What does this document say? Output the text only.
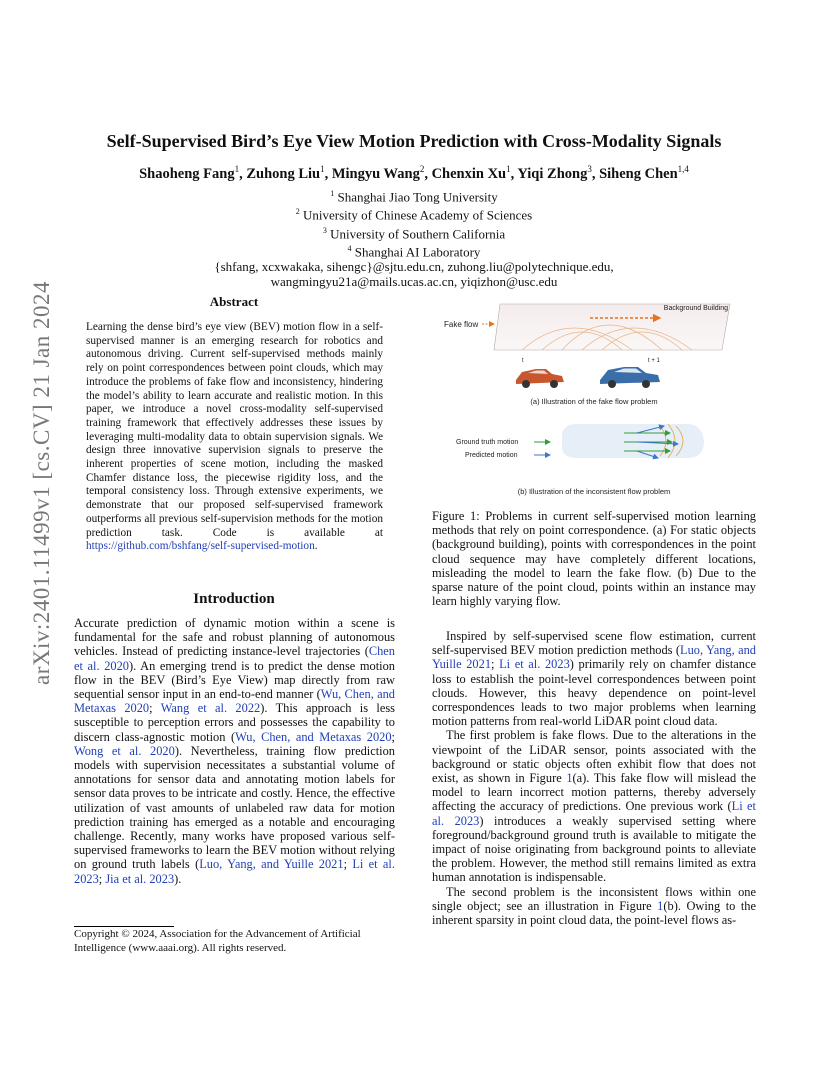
Self-Supervised Bird’s Eye View Motion Prediction with Cross-Modality Signals
Shaoheng Fang$^1$, Zuhong Liu$^1$, Mingyu Wang$^2$, Chenxin Xu$^1$, Yiqi Zhong$^3$, Siheng Chen$^{1,4}$
$^1$ Shanghai Jiao Tong University
$^2$ University of Chinese Academy of Sciences
$^3$ University of Southern California
$^4$ Shanghai AI Laboratory
{shfang, xcxwakaka, sihengc}@sjtu.edu.cn, zuhong.liu@polytechnique.edu,
wangmingyu21a@mails.ucas.ac.cn, yiqizhon@usc.edu
arXiv:2401.11499v1 [cs.CV] 21 Jan 2024	Abstract
Learning the dense bird’s eye view (BEV) motion flow in a self-supervised manner is an emerging research for robotics and autonomous driving. Current self-supervised methods mainly rely on point correspondences between point clouds, which may introduce the problems of fake flow and inconsistency, hindering the model’s ability to learn accurate and realistic motion. In this paper, we introduce a novel cross-modality self-supervised training framework that effectively addresses these issues by leveraging multi-modality data to obtain supervision signals. We design three innovative supervision signals to preserve the inherent properties of scene motion, including the masked Chamfer distance loss, the piecewise rigidity loss, and the temporal consistency loss. Through extensive experiments, we demonstrate that our proposed self-supervised framework outperforms all previous self-supervision methods for the motion prediction task. Code is available at https://github.com/bshfang/self-supervised-motion.
Introduction
Accurate prediction of dynamic motion within a scene is fundamental for the safe and robust planning of autonomous vehicles. Instead of predicting instance-level trajectories (Chen et al. 2020). An emerging trend is to predict the dense motion flow in the BEV (Bird’s Eye View) map directly from raw sequential sensor input in an end-to-end manner (Wu, Chen, and Metaxas 2020; Wang et al. 2022). This approach is less susceptible to perception errors and possesses the capability to discern class-agnostic motion (Wu, Chen, and Metaxas 2020; Wong et al. 2020). Nevertheless, training flow prediction models with supervision necessitates a substantial volume of annotations for sensor data and annotating motion labels for sensor data proves to be intricate and costly. Hence, the effective utilization of vast amounts of unlabeled raw data for motion prediction training has emerged as a notable and encouraging challenge. Recently, many works have proposed various self-supervised frameworks to learn the BEV motion without relying on ground truth labels (Luo, Yang, and Yuille 2021; Li et al. 2023; Jia et al. 2023).
Copyright © 2024, Association for the Advancement of Artificial Intelligence (www.aaai.org). All rights reserved.
Fake flow
Background Building
t	t + 1
(a) Illustration of the fake flow problem
Ground truth motion
Predicted motion
(b) Illustration of the inconsistent flow problem
Figure 1: Problems in current self-supervised motion learning methods that rely on point correspondence. (a) For static objects (background building), points with correspondences in the point cloud sequence may have completely different locations, misleading the model to learn the fake flow. (b) Due to the sparse nature of the point cloud, points within an instance may learn highly varying flow.

Inspired by self-supervised scene flow estimation, current self-supervised BEV motion prediction methods (Luo, Yang, and Yuille 2021; Li et al. 2023) primarily rely on chamfer distance loss to establish the point-level correspondences between point clouds. However, this heavy dependence on point-level correspondences leads to two major problems when learning motion patterns from real-world LiDAR point cloud data.

The first problem is fake flows. Due to the alterations in the viewpoint of the LiDAR sensor, points associated with the background or static objects often exhibit flow that does not exist, as shown in Figure 1(a). This fake flow will mislead the model to learn incorrect motion patterns, thereby adversely affecting the accuracy of predictions. One previous work (Li et al. 2023) introduces a weakly supervised setting where foreground/background ground truth is available to mitigate the impact of noise originating from background points to alleviate the problem. However, the method still remains limited as extra human annotation is indispensable.

The second problem is the inconsistent flows within one single object; see an illustration in Figure 1(b). Owing to the inherent sparsity in point cloud data, the point-level flows as-
